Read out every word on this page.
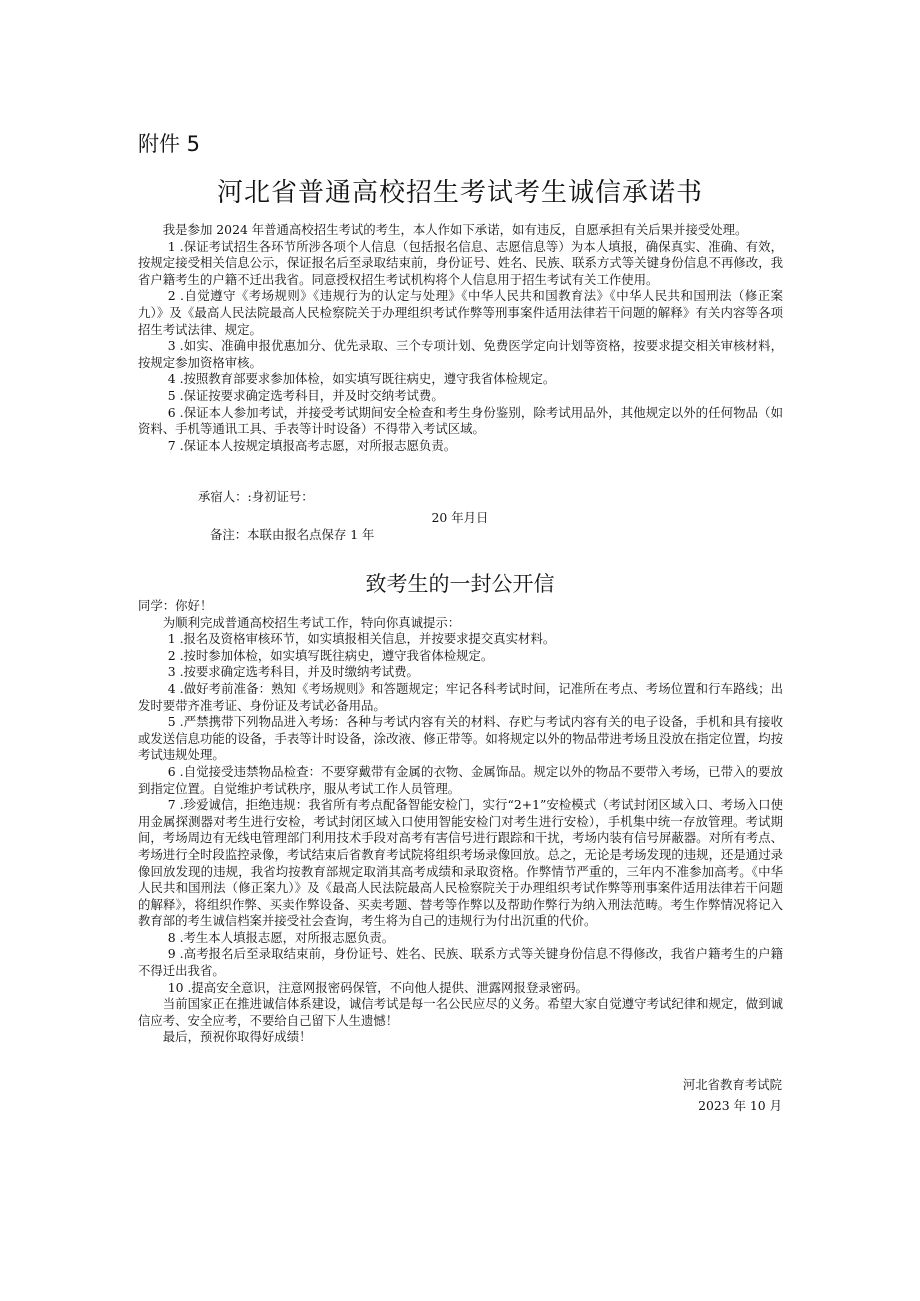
附件 5
河北省普通高校招生考试考生诚信承诺书

我是参加 2024 年普通高校招生考试的考生，本人作如下承诺，如有违反，自愿承担有关后果并接受处理。

1 .保证考试招生各环节所涉各项个人信息（包括报名信息、志愿信息等）为本人填报，确保真实、准确、有效，按规定接受相关信息公示，保证报名后至录取结束前，身份证号、姓名、民族、联系方式等关键身份信息不再修改，我省户籍考生的户籍不迁出我省。同意授权招生考试机构将个人信息用于招生考试有关工作使用。

2 .自觉遵守《考场规则》《违规行为的认定与处理》《中华人民共和国教育法》《中华人民共和国刑法（修正案九）》及《最高人民法院最高人民检察院关于办理组织考试作弊等刑事案件适用法律若干问题的解释》有关内容等各项招生考试法律、规定。

3 .如实、准确申报优惠加分、优先录取、三个专项计划、免费医学定向计划等资格，按要求提交相关审核材料，按规定参加资格审核。

4 .按照教育部要求参加体检，如实填写既往病史，遵守我省体检规定。

5 .保证按要求确定选考科目，并及时交纳考试费。

6 .保证本人参加考试，并接受考试期间安全检查和考生身份鉴别，除考试用品外，其他规定以外的任何物品（如资料、手机等通讯工具、手表等计时设备）不得带入考试区域。

7 .保证本人按规定填报高考志愿，对所报志愿负责。

承宿人：:身初证号：
20 年月日
备注：本联由报名点保存 1 年
致考生的一封公开信

同学：你好！

为顺利完成普通高校招生考试工作，特向你真诚提示：

1 .报名及资格审核环节，如实填报相关信息，并按要求提交真实材料。

2 .按时参加体检，如实填写既往病史，遵守我省体检规定。

3 .按要求确定选考科目，并及时缴纳考试费。

4 .做好考前准备：熟知《考场规则》和答题规定；牢记各科考试时间，记准所在考点、考场位置和行车路线；出发时要带齐准考证、身份证及考试必备用品。

5 .严禁携带下列物品进入考场：各种与考试内容有关的材料、存贮与考试内容有关的电子设备，手机和具有接收或发送信息功能的设备，手表等计时设备，涂改液、修正带等。如将规定以外的物品带进考场且没放在指定位置，均按考试违规处理。

6 .自觉接受违禁物品检查：不要穿戴带有金属的衣物、金属饰品。规定以外的物品不要带入考场，已带入的要放到指定位置。自觉维护考试秩序，服从考试工作人员管理。

7 .珍爱诚信，拒绝违规：我省所有考点配备智能安检门，实行“2+1”安检模式（考试封闭区域入口、考场入口使用金属探测器对考生进行安检，考试封闭区域入口使用智能安检门对考生进行安检），手机集中统一存放管理。考试期间，考场周边有无线电管理部门利用技术手段对高考有害信号进行跟踪和干扰，考场内装有信号屏蔽器。对所有考点、考场进行全时段监控录像，考试结束后省教育考试院将组织考场录像回放。总之，无论是考场发现的违规，还是通过录像回放发现的违规，我省均按教育部规定取消其高考成绩和录取资格。作弊情节严重的，三年内不准参加高考。《中华人民共和国刑法（修正案九）》及《最高人民法院最高人民检察院关于办理组织考试作弊等刑事案件适用法律若干问题的解释》，将组织作弊、买卖作弊设备、买卖考题、替考等作弊以及帮助作弊行为纳入刑法范畴。考生作弊情况将记入教育部的考生诚信档案并接受社会查询，考生将为自己的违规行为付出沉重的代价。

8 .考生本人填报志愿，对所报志愿负责。

9 .高考报名后至录取结束前，身份证号、姓名、民族、联系方式等关键身份信息不得修改，我省户籍考生的户籍不得迁出我省。

10 .提高安全意识，注意网报密码保管，不向他人提供、泄露网报登录密码。

当前国家正在推进诚信体系建设，诚信考试是每一名公民应尽的义务。希望大家自觉遵守考试纪律和规定，做到诚信应考、安全应考，不要给自己留下人生遗憾！

最后，预祝你取得好成绩！

河北省教育考试院
2023 年 10 月
